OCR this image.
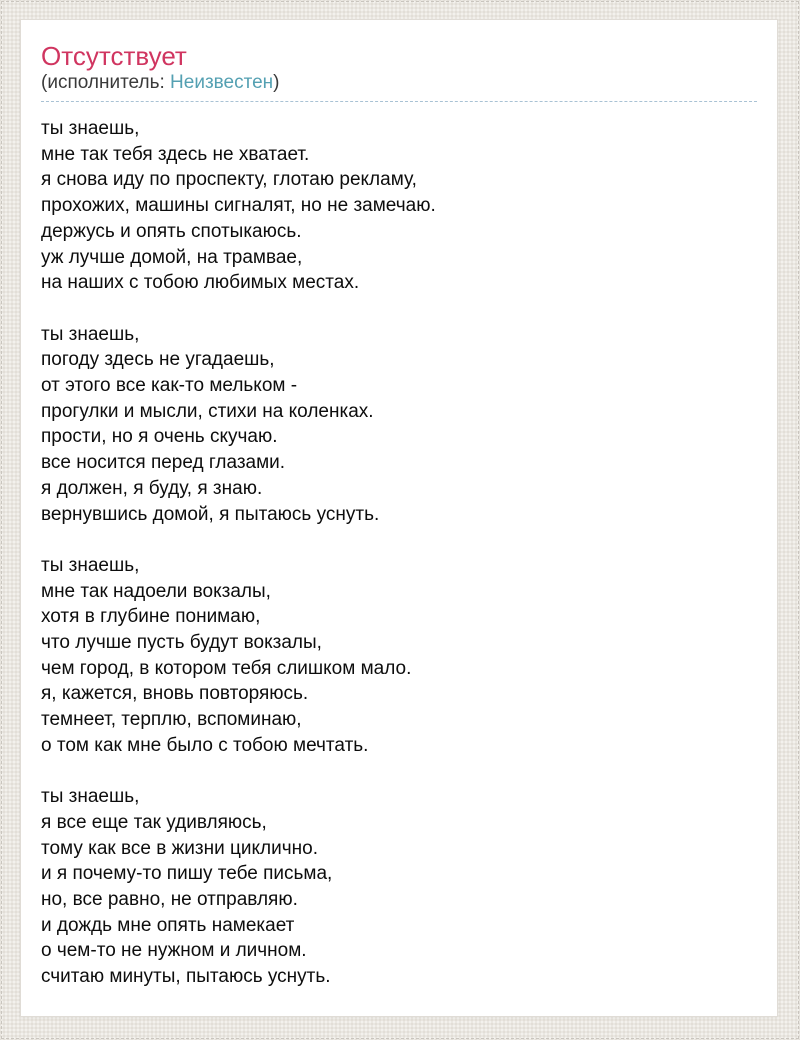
Отсутствует
(исполнитель: Неизвестен)
ты знаешь,
мне так тебя здесь не хватает.
я снова иду по проспекту, глотаю рекламу,
прохожих, машины сигналят, но не замечаю.
держусь и опять спотыкаюсь.
уж лучше домой, на трамвае,
на наших с тобою любимых местах.
ты знаешь,
погоду здесь не угадаешь,
от этого все как-то мельком -
прогулки и мысли, стихи на коленках.
прости, но я очень скучаю.
все носится перед глазами.
я должен, я буду, я знаю.
вернувшись домой, я пытаюсь уснуть.
ты знаешь,
мне так надоели вокзалы,
хотя в глубине понимаю,
что лучше пусть будут вокзалы,
чем город, в котором тебя слишком мало.
я, кажется, вновь повторяюсь.
темнеет, терплю, вспоминаю,
о том как мне было с тобою мечтать.
ты знаешь,
я все еще так удивляюсь,
тому как все в жизни циклично.
и я почему-то пишу тебе письма,
но, все равно, не отправляю.
и дождь мне опять намекает
о чем-то не нужном и личном.
считаю минуты, пытаюсь уснуть.
